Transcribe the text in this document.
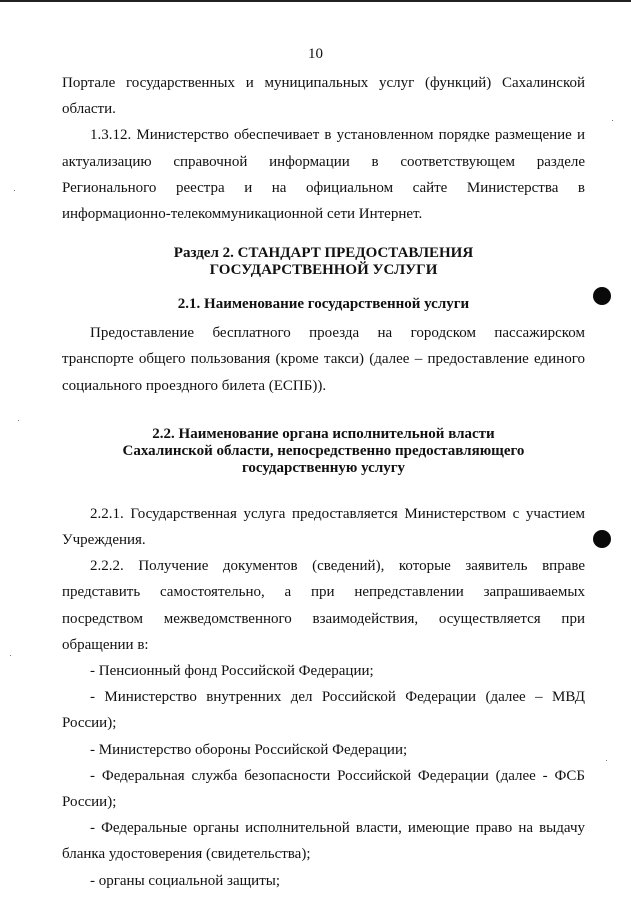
10

Портале государственных и муниципальных услуг (функций) Сахалинской области.

1.3.12. Министерство обеспечивает в установленном порядке размещение и актуализацию справочной информации в соответствующем разделе Регионального реестра и на официальном сайте Министерства в информационно-телекоммуникационной сети Интернет.

Раздел 2. СТАНДАРТ ПРЕДОСТАВЛЕНИЯ
ГОСУДАРСТВЕННОЙ УСЛУГИ
2.1. Наименование государственной услуги

Предоставление бесплатного проезда на городском пассажирском транспорте общего пользования (кроме такси) (далее – предоставление единого социального проездного билета (ЕСПБ)).

2.2. Наименование органа исполнительной власти
Сахалинской области, непосредственно предоставляющего
государственную услугу

2.2.1. Государственная услуга предоставляется Министерством с участием Учреждения.

2.2.2. Получение документов (сведений), которые заявитель вправе представить самостоятельно, а при непредставлении запрашиваемых посредством межведомственного взаимодействия, осуществляется при обращении в:

- Пенсионный фонд Российской Федерации;

- Министерство внутренних дел Российской Федерации (далее – МВД России);

- Министерство обороны Российской Федерации;

- Федеральная служба безопасности Российской Федерации (далее - ФСБ России);

- Федеральные органы исполнительной власти, имеющие право на выдачу бланка удостоверения (свидетельства);

- органы социальной защиты;
